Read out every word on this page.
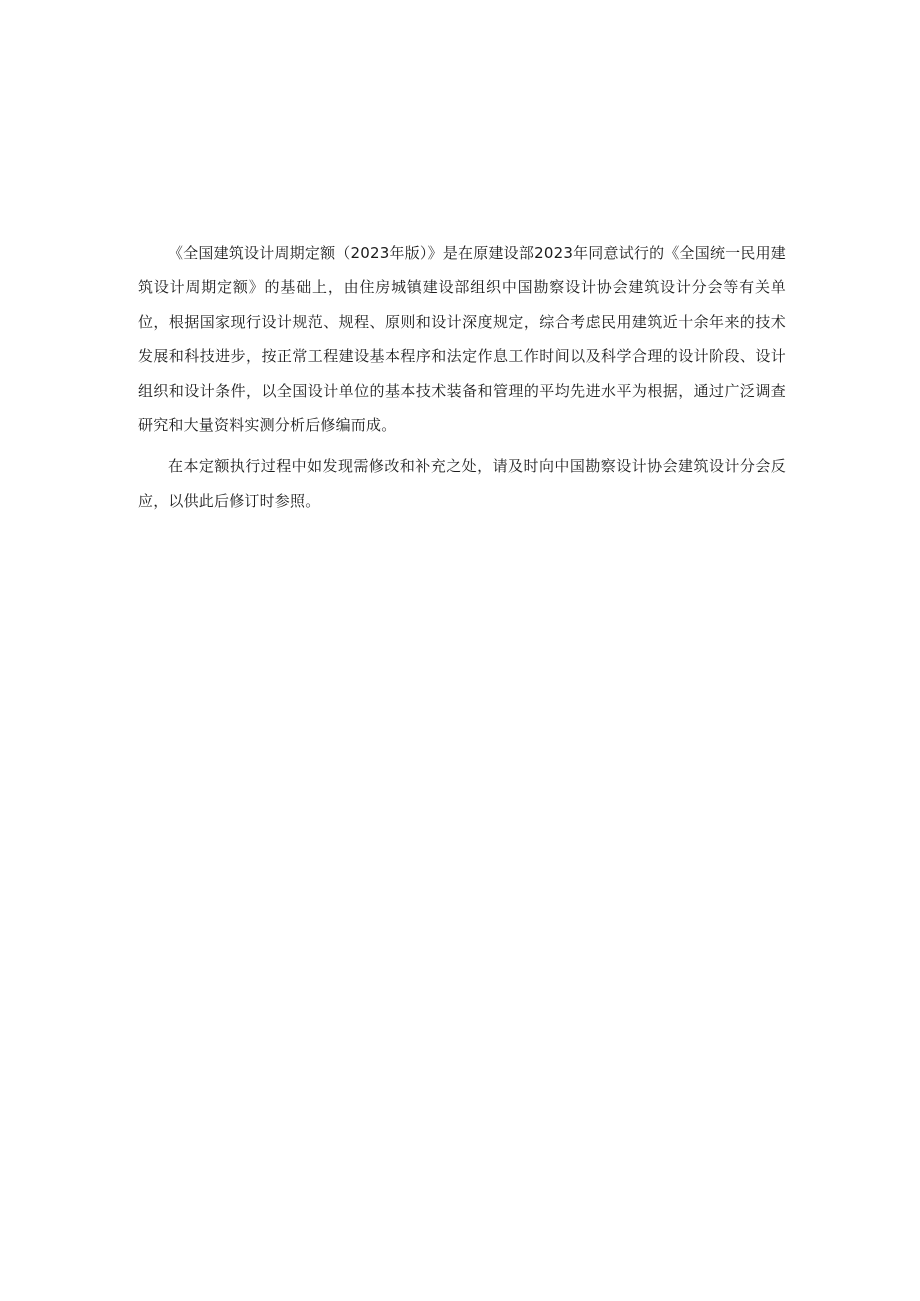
《全国建筑设计周期定额（2023年版）》是在原建设部2023年同意试行的《全国统一民用建筑设计周期定额》的基础上，由住房城镇建设部组织中国勘察设计协会建筑设计分会等有关单位，根据国家现行设计规范、规程、原则和设计深度规定，综合考虑民用建筑近十余年来的技术发展和科技进步，按正常工程建设基本程序和法定作息工作时间以及科学合理的设计阶段、设计组织和设计条件，以全国设计单位的基本技术装备和管理的平均先进水平为根据，通过广泛调查研究和大量资料实测分析后修编而成。

在本定额执行过程中如发现需修改和补充之处，请及时向中国勘察设计协会建筑设计分会反应，以供此后修订时参照。
